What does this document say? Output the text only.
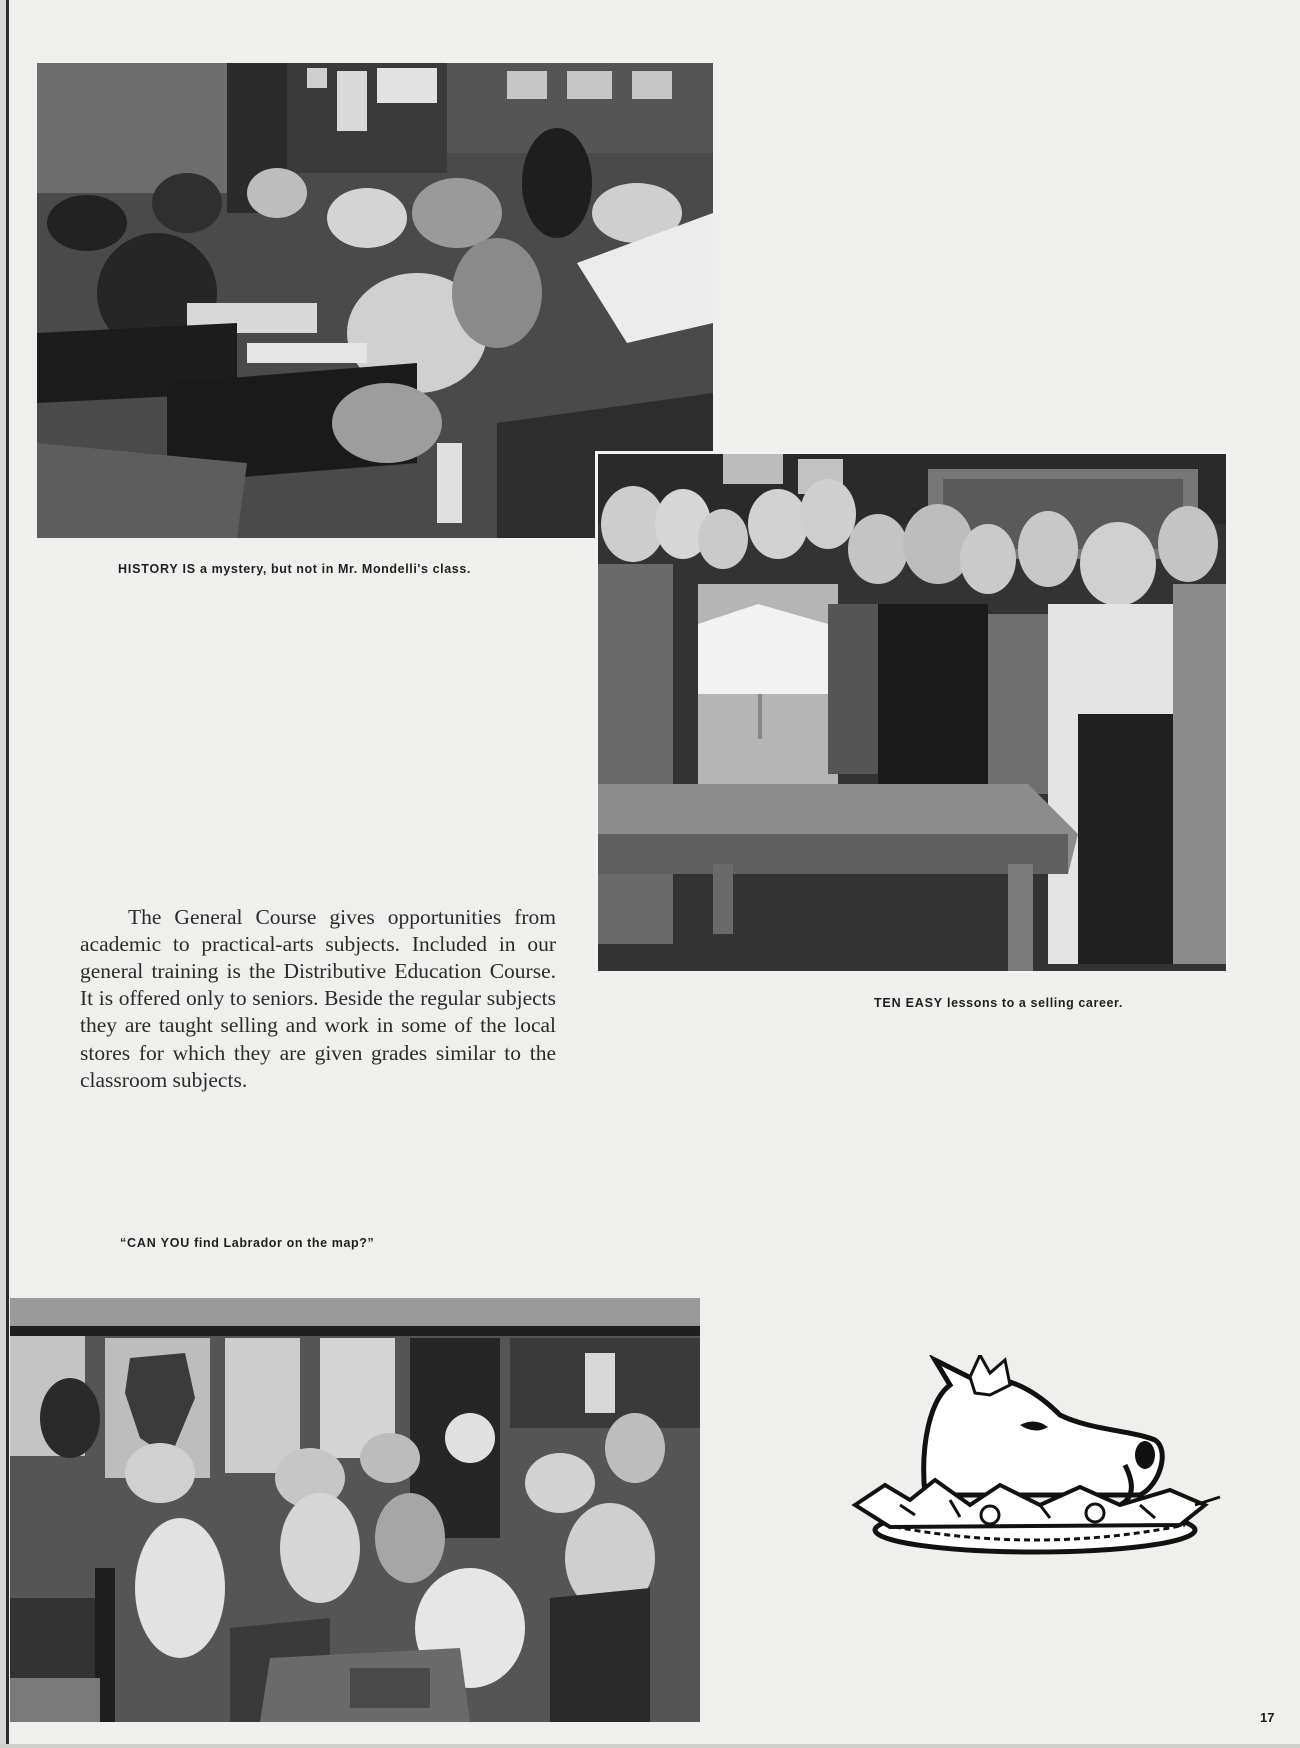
HISTORY IS a mystery, but not in Mr. Mondelli's class.
TEN EASY lessons to a selling career.
“CAN YOU find Labrador on the map?”

The General Course gives opportunities from academic to practical-arts subjects. Included in our general training is the Distributive Education Course. It is offered only to seniors. Beside the regular subjects they are taught selling and work in some of the local stores for which they are given grades similar to the classroom subjects.

17
